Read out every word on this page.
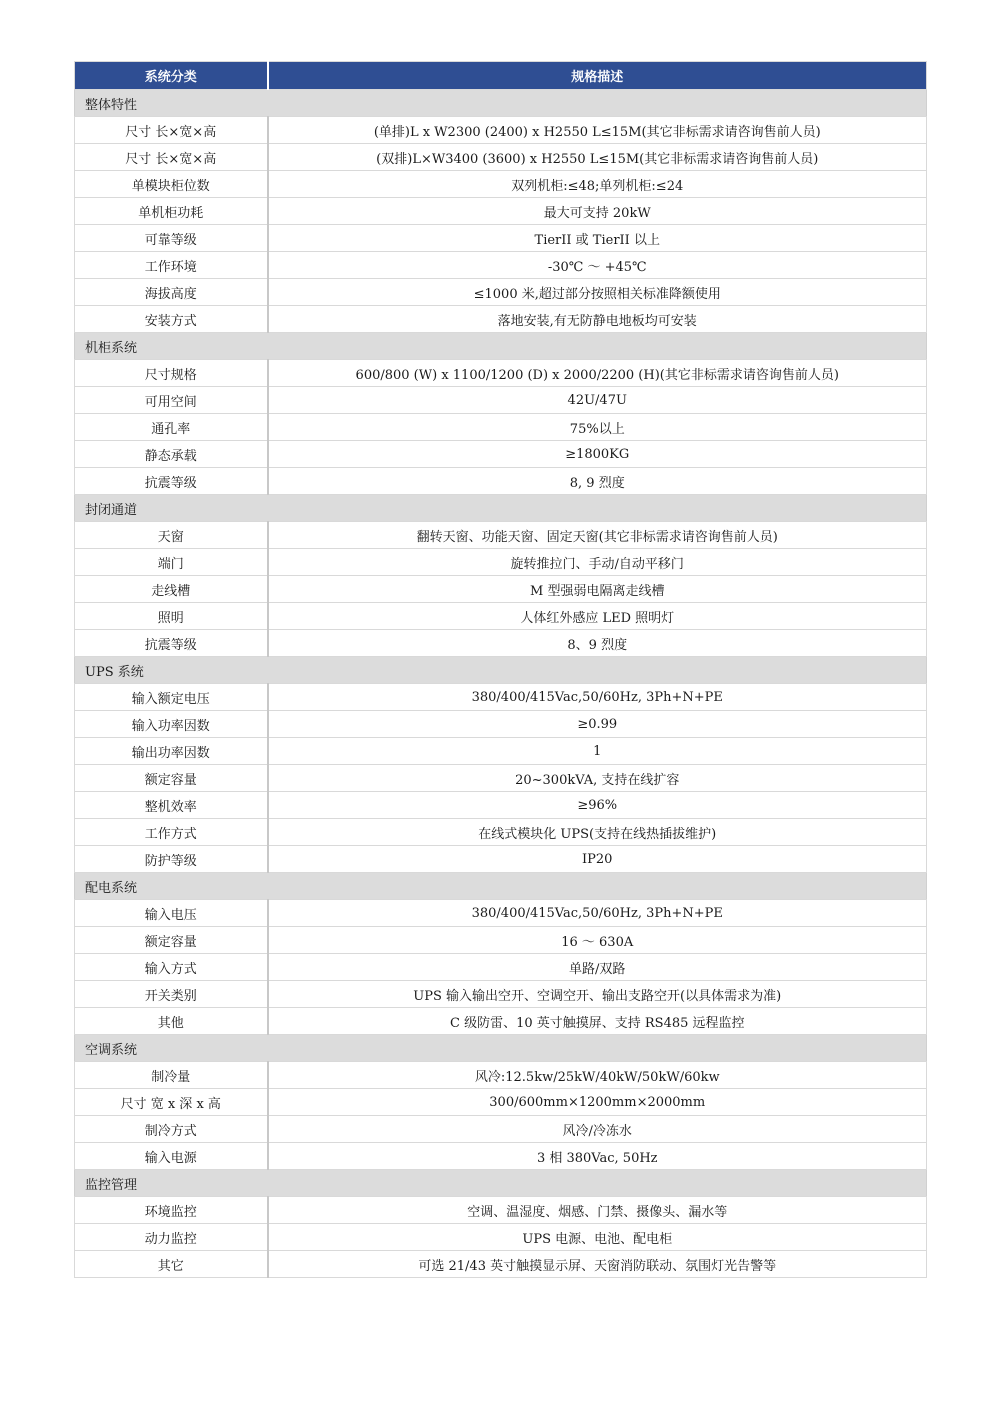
系统分类	规格描述
整体特性	
尺寸 长×宽×高	(单排)L x W2300 (2400) x H2550 L≤15M(其它非标需求请咨询售前人员)
尺寸 长×宽×高	(双排)L×W3400 (3600) x H2550 L≤15M(其它非标需求请咨询售前人员)
单模块柜位数	双列机柜:≤48;单列机柜:≤24
单机柜功耗	最大可支持 20kW
可靠等级	TierII 或 TierII 以上
工作环境	-30℃ ～ +45℃
海拔高度	≤1000 米,超过部分按照相关标准降额使用
安装方式	落地安装,有无防静电地板均可安装
机柜系统	
尺寸规格	600/800 (W) x 1100/1200 (D) x 2000/2200 (H)(其它非标需求请咨询售前人员)
可用空间	42U/47U
通孔率	75%以上
静态承载	≥1800KG
抗震等级	8, 9 烈度
封闭通道	
天窗	翻转天窗、功能天窗、固定天窗(其它非标需求请咨询售前人员)
端门	旋转推拉门、手动/自动平移门
走线槽	M 型强弱电隔离走线槽
照明	人体红外感应 LED 照明灯
抗震等级	8、9 烈度
UPS 系统	
输入额定电压	380/400/415Vac,50/60Hz, 3Ph+N+PE
输入功率因数	≥0.99
输出功率因数	1
额定容量	20~300kVA, 支持在线扩容
整机效率	≥96%
工作方式	在线式模块化 UPS(支持在线热插拔维护)
防护等级	IP20
配电系统	
输入电压	380/400/415Vac,50/60Hz, 3Ph+N+PE
额定容量	16 ～ 630A
输入方式	单路/双路
开关类别	UPS 输入输出空开、空调空开、输出支路空开(以具体需求为准)
其他	C 级防雷、10 英寸触摸屏、支持 RS485 远程监控
空调系统	
制冷量	风冷:12.5kw/25kW/40kW/50kW/60kw
尺寸 宽 x 深 x 高	300/600mm×1200mm×2000mm
制冷方式	风冷/冷冻水
输入电源	3 相 380Vac, 50Hz
监控管理	
环境监控	空调、温湿度、烟感、门禁、摄像头、漏水等
动力监控	UPS 电源、电池、配电柜
其它	可选 21/43 英寸触摸显示屏、天窗消防联动、氛围灯光告警等
